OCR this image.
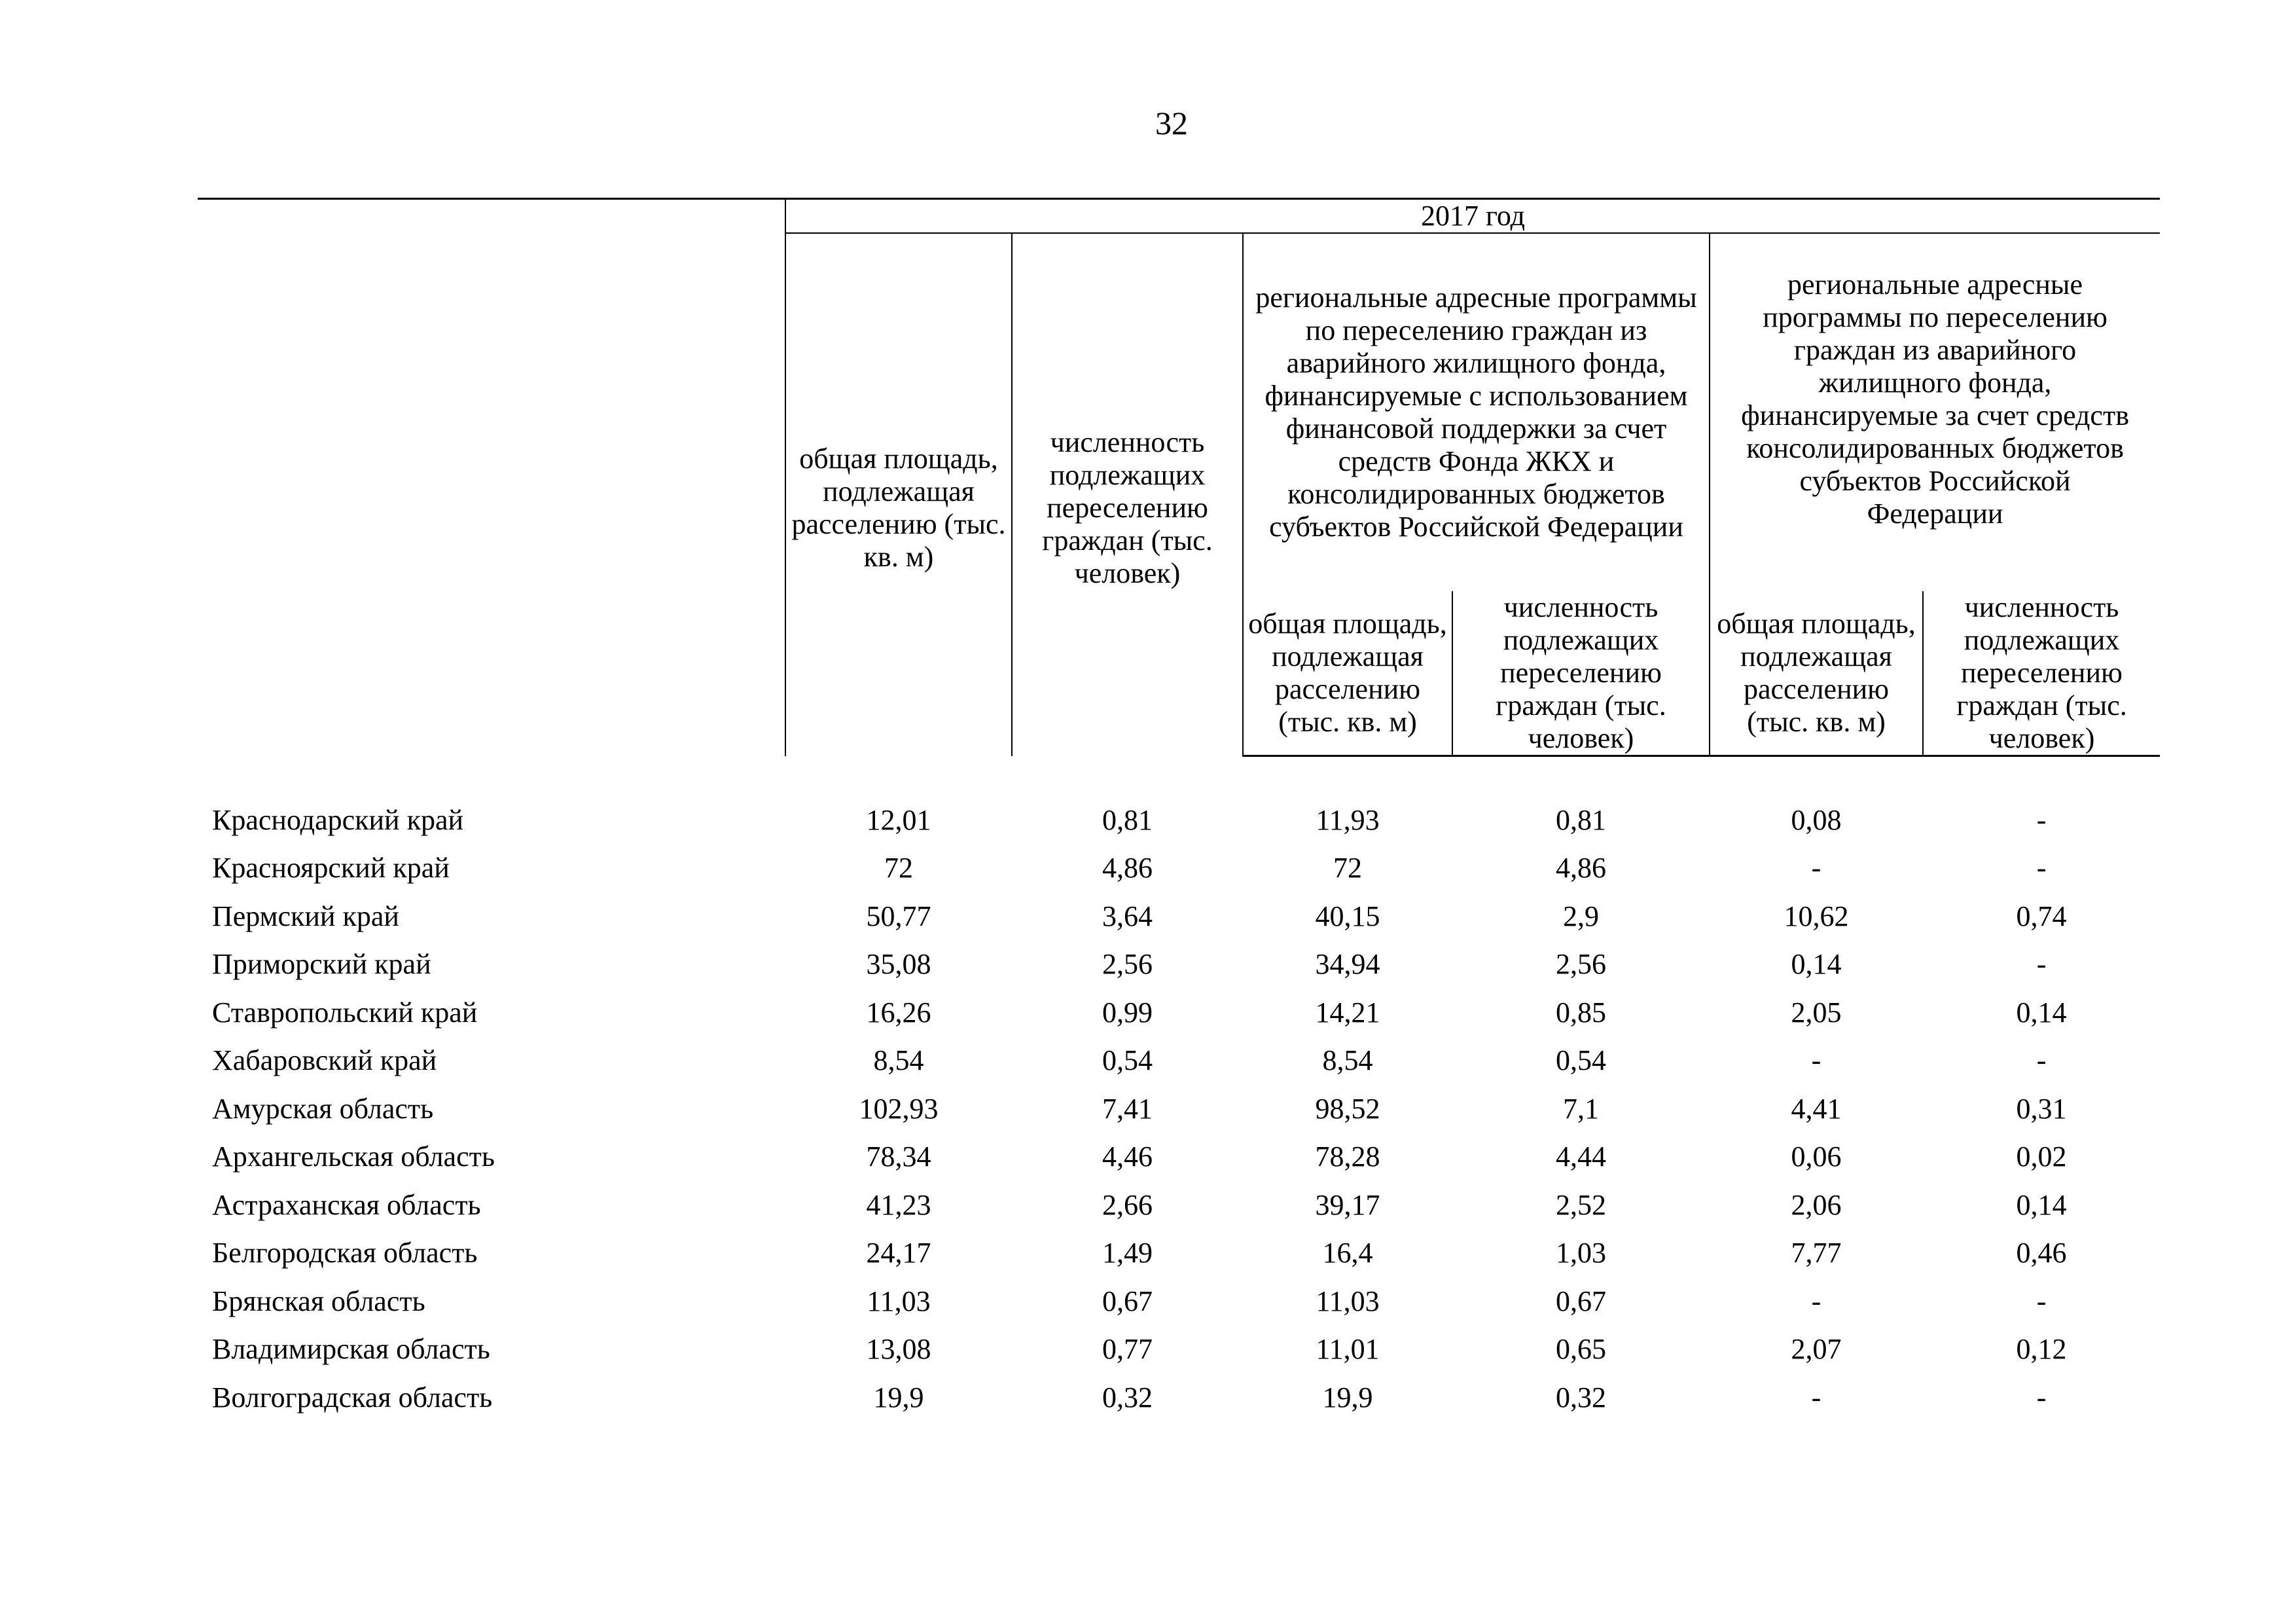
32
	2017 год					
	общая площадь, подлежащая расселению (тыс. кв. м)	численность подлежащих переселению граждан (тыс. человек)	региональные адресные программы по переселению граждан из аварийного жилищного фонда, финансируемые с использованием финансовой поддержки за счет средств Фонда ЖКХ и консолидированных бюджетов субъектов Российской Федерации		региональные адресные программы по переселению граждан из аварийного жилищного фонда, финансируемые за счет средств консолидированных бюджетов субъектов Российской Федерации	
			общая площадь, подлежащая расселению (тыс. кв. м)	численность подлежащих переселению граждан (тыс. человек)	общая площадь, подлежащая расселению (тыс. кв. м)	численность подлежащих переселению граждан (тыс. человек)

Краснодарский край	12,01	0,81	11,93	0,81	0,08	-
Красноярский край	72	4,86	72	4,86	-	-
Пермский край	50,77	3,64	40,15	2,9	10,62	0,74
Приморский край	35,08	2,56	34,94	2,56	0,14	-
Ставропольский край	16,26	0,99	14,21	0,85	2,05	0,14
Хабаровский край	8,54	0,54	8,54	0,54	-	-
Амурская область	102,93	7,41	98,52	7,1	4,41	0,31
Архангельская область	78,34	4,46	78,28	4,44	0,06	0,02
Астраханская область	41,23	2,66	39,17	2,52	2,06	0,14
Белгородская область	24,17	1,49	16,4	1,03	7,77	0,46
Брянская область	11,03	0,67	11,03	0,67	-	-
Владимирская область	13,08	0,77	11,01	0,65	2,07	0,12
Волгоградская область	19,9	0,32	19,9	0,32	-	-
